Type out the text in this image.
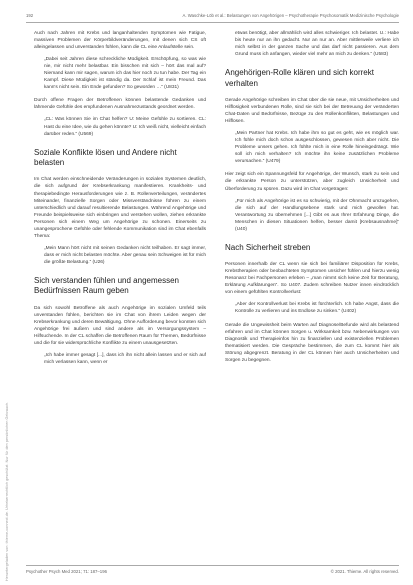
Heruntergeladen von: thieme-connect.de. Urheberrechtlich geschützt. Nur für den persönlichen Gebrauch.
192	A. Waschke-Löb et al.: Belastungen von Angehörigen – Psychotherapie Psychosomatik Medizinische Psychologie

Auch nach Jahren mit Krebs und langanhaltenden Symptomen wie Fatigue, massiven Problemen der Körperbildveränderungen, mit denen sich CS oft alleingelassen und unverstanden fühlen, kann die CL eine Anlaufstelle sein.

„Dabei seit Jahren diese schreckliche Müdigkeit. Erschöpfung, so was wie nie, mir nicht mehr belastbar. Ein bisschen mit sich – hört das mal auf? Niemand kann mir sagen, warum ich das hier noch zu tun habe. Der Tag ein Kampf. Diese Müdigkeit ist ständig da. Der Schlaf ist mein Freund. Das kann's nicht sein. Ein Ende gefunden? So geworden …“ (U831)

Durch offene Fragen der Betroffenen können belastende Gedanken und lähmende Gefühle des empfundenen Ausnahmezustands geordnet werden.

„CL: Was können Sie im Chat helfen? U: Meine Gefühle zu sortieren. CL: Hast du eine Idee, wie du gehen könnte? U: Ich weiß nicht, vielleicht einfach darüber reden.“ (U569)

Soziale Konflikte lösen und Andere nicht belasten

Im Chat werden einschneidende Veränderungen in sozialen Systemen deutlich, die sich aufgrund der Krebserkrankung manifestieren. Krankheits- und therapiebedingte Herausforderungen wie z. B. Rollenverteilungen, verändertes Miteinander, finanzielle Sorgen oder Missverständnisse führen zu einem unterschiedlich und darauf resultierende Belastungen. Während Angehörige und Freunde beispielsweise sich einbringen und verstehen wollen, ziehen erkrankte Personen sich einem Weg um Angehörige zu schonen. Einerseits zu unangesprochene Gefühle oder fehlende Kommunikation sind im Chat ebenfalls Thema:

„Mein Mann hört nicht mit seinen Gedanken nicht teilhaben. Er sagt immer, dass er mich nicht belasten möchte. Aber genau sein Schweigen ist für mich die größte Belastung.“ (U26)

Sich verstanden fühlen und angemessen Bedürfnissen Raum geben

Da sich sowohl Betroffene als auch Angehörige im sozialen Umfeld teils unverstanden fühlen, berichten sie im Chat von ihrem Leiden wegen der Krebserkrankung und deren Bewältigung. Ohne Aufforderung bevor konnten sich Angehörige frei äußern und sind andere als im Versorgungssystem – Hilfsuchende. In der CL schaffen die Betroffenen Raum für Themen, Bedürfnisse und die für sie widersprüchliche Konflikte zu einem unausgesetzten.

„Ich habe immer gesagt [...], dass ich ihn nicht allein lassen und er sich auf mich verlassen kann, wenn er

etwas benötigt, aber allmählich wird alles schwieriger. Ich belastet. U.: Habe bis heute nur an ihn gedacht. Nur an nur an. Aber mittlerweile verliere ich mich selbst in der ganzen Sache und das darf nicht passieren. Aus dem Grund muss ich anfangen, wieder viel mehr an mich zu denken.“ (U583)

Angehörigen-Rolle klären und sich korrekt verhalten

Gerade Angehörige schreiben im Chat über die sie neue, mit Unsicherheiten und Hilflosigkeit verbundenen Rolle, sind sie sich bei der Betreuung der veränderten Chat-Daten und Bedürfnisse, Bezüge zu den Rollenkonflikten, Belastungen und Hilflosen.

„Mein Partner hat Krebs. Ich habe ihm so gut es geht, wie es möglich war. Ich fühle mich doch schon ausgeschlossen, gewesen mich aber nicht. Die Probleme unsers gehen. Ich fühlte mich in eine Rolle hineingedrängt. Wie soll ich mich verhalten? Ich möchte ihn keine zusätzlichen Probleme verursachen.“ (U479)

Hier zeigt sich ein Spannungsfeld für Angehörige, der Wunsch, stark zu sein und die erkrankte Person zu unterstützen, aber zugleich Unsicherheit und Überforderung zu spüren. Dazu wird im Chat vorgetragen:

„Für mich als Angehörige ist es so schwierig, mit der Ohnmacht umzugehen, die sich auf der Handlungsebene stark und mich gewollen hat. Verantwortung zu übernehmen [...] Gibt es aus Ihrer Erfahrung Dinge, die Menschen in diesen Situationen helfen, besser damit [Krebsausnahme]“ (U40)

Nach Sicherheit streben

Personen innerhalb der CL wenn sie sich bei familiärer Disposition für Krebs, Krebstherapien oder beobachteten Symptomen unsicher fühlen und hierzu wenig Resonanz bei Fachpersonen erleben – „man nimmt sich keine Zeit für Beratung, Erklärung Aufklärungen“. So U407. Zudem schreiben Nutzer innen eindrücklich von einem gefühlten Kontrollverlust:

„Aber der Kontrollverlust bei Krebs ist fürchterlich. Ich habe Angst, dass die Kontrolle zu verlieren und ins Endlose zu sinken.“ (U402)

Gerade die Ungewissheit beim Warten auf Diagnose/Befunde wird als belastend erfahren und im Chat können Sorgen u. Wirksamkeit bzw. Nebenwirkungen von Diagnostik und Therapieinfos hin zu finanziellen und existenziellen Problemen thematisiert werden. Die Gespräche bestimmen, die zum CL kommt hier als Störung abgegrenzt. Beratung in der CL können hier auch Unsicherheiten und Sorgen zu begegnen.

Psychother Psych Med 2021; 71: 187–196	© 2021. Thieme. All rights reserved.
